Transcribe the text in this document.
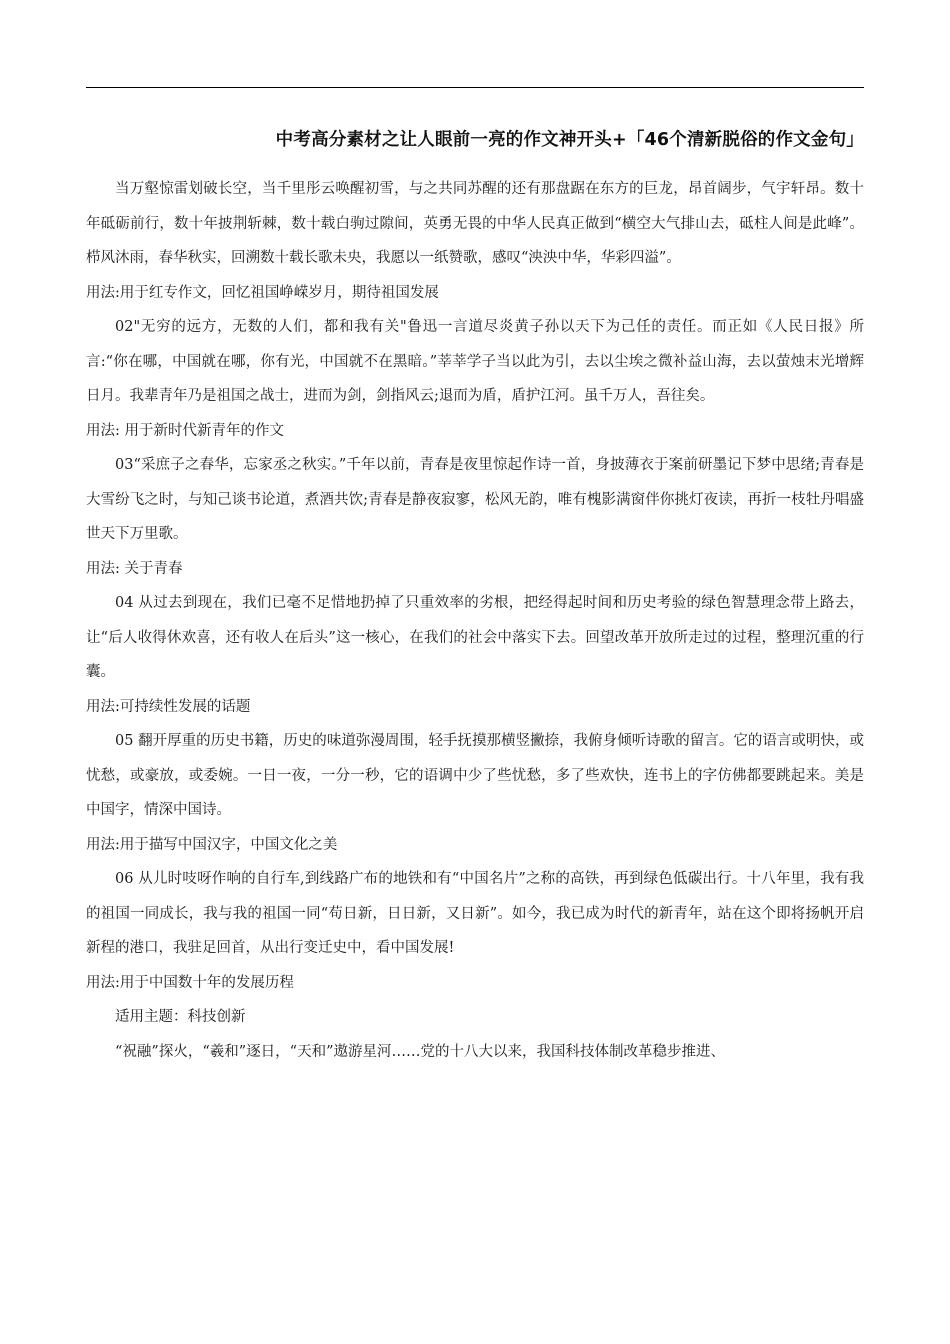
中考高分素材之让人眼前一亮的作文神开头+「46个清新脱俗的作文金句」

当万壑惊雷划破长空，当千里彤云唤醒初雪，与之共同苏醒的还有那盘踞在东方的巨龙，昂首阔步，气宇轩昂。数十年砥砺前行，数十年披荆斩棘，数十载白驹过隙间，英勇无畏的中华人民真正做到“横空大气排山去，砥柱人间是此峰”。栉风沐雨，春华秋实，回溯数十载长歌未央，我愿以一纸赞歌，感叹“泱泱中华，华彩四溢”。

用法:用于红专作文，回忆祖国峥嵘岁月，期待祖国发展

02"无穷的远方，无数的人们，都和我有关"鲁迅一言道尽炎黄子孙以天下为己任的责任。而正如《人民日报》所言:“你在哪，中国就在哪，你有光，中国就不在黑暗。”莘莘学子当以此为引，去以尘埃之微补益山海，去以萤烛末光增辉日月。我辈青年乃是祖国之战士，进而为剑，剑指风云;退而为盾，盾护江河。虽千万人，吾往矣。

用法: 用于新时代新青年的作文

03“采庶子之春华，忘家丞之秋实。”千年以前，青春是夜里惊起作诗一首，身披薄衣于案前研墨记下梦中思绪;青春是大雪纷飞之时，与知己谈书论道，煮酒共饮;青春是静夜寂寥，松风无韵，唯有槐影满窗伴你挑灯夜读，再折一枝牡丹唱盛世天下万里歌。

用法: 关于青春

04 从过去到现在，我们已毫不足惜地扔掉了只重效率的劣根，把经得起时间和历史考验的绿色智慧理念带上路去，让“后人收得休欢喜，还有收人在后头”这一核心，在我们的社会中落实下去。回望改革开放所走过的过程，整理沉重的行囊。

用法:可持续性发展的话题

05 翻开厚重的历史书籍，历史的味道弥漫周围，轻手抚摸那横竖撇捺，我俯身倾听诗歌的留言。它的语言或明快，或忧愁，或豪放，或委婉。一日一夜，一分一秒，它的语调中少了些忧愁，多了些欢快，连书上的字仿佛都要跳起来。美是中国字，情深中国诗。

用法:用于描写中国汉字，中国文化之美

06 从儿时吱呀作响的自行车,到线路广布的地铁和有“中国名片”之称的高铁，再到绿色低碳出行。十八年里，我有我的祖国一同成长，我与我的祖国一同“苟日新，日日新，又日新”。如今，我已成为时代的新青年，站在这个即将扬帆开启新程的港口，我驻足回首，从出行变迁史中，看中国发展!

用法:用于中国数十年的发展历程

适用主题：科技创新

“祝融”探火，“羲和”逐日，“天和”遨游星河……党的十八大以来，我国科技体制改革稳步推进、
